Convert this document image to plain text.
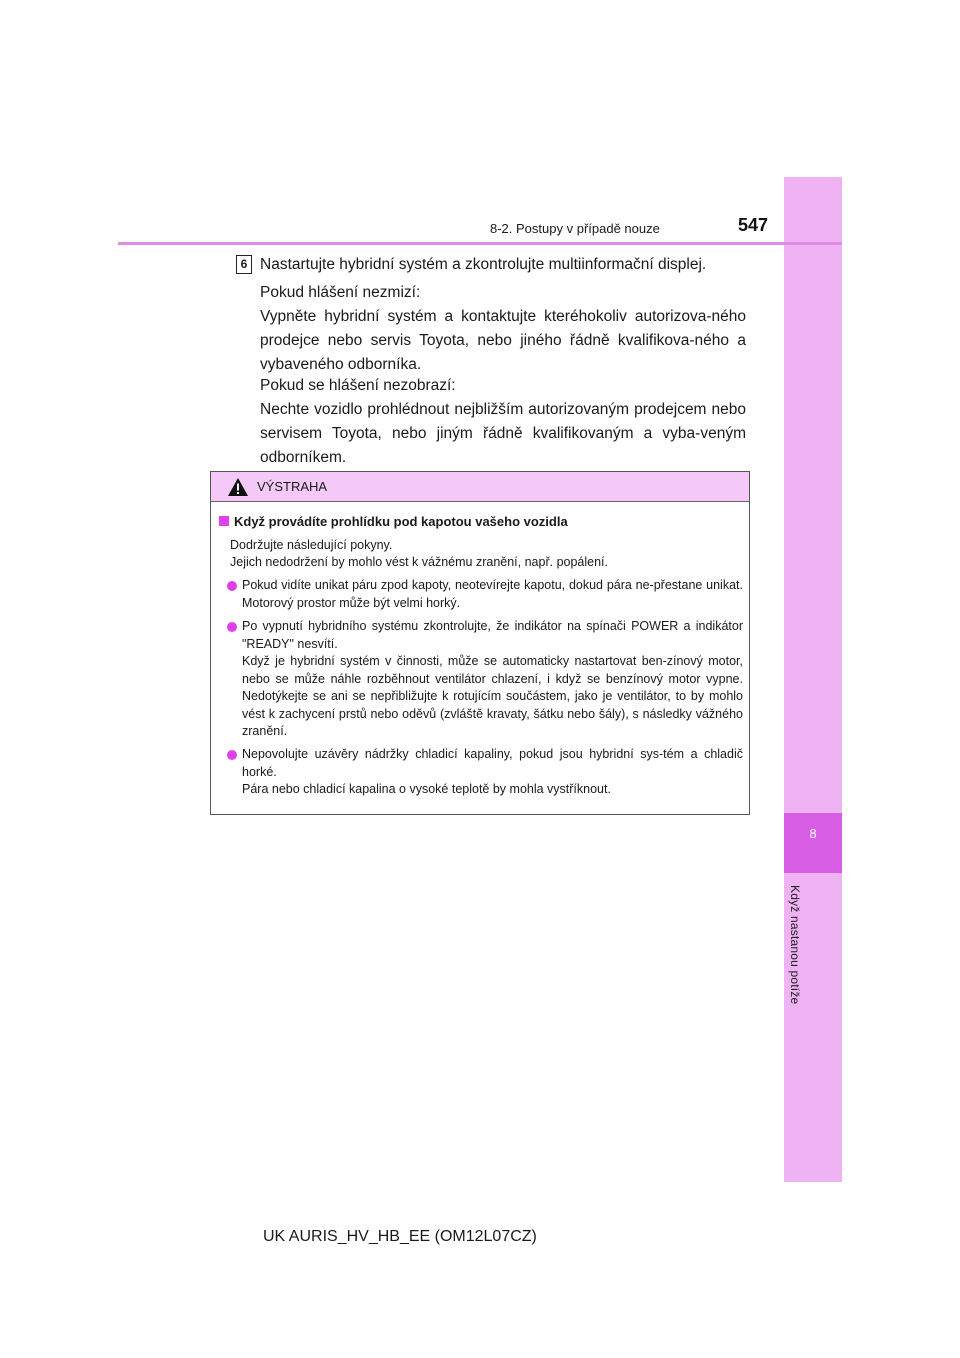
8
Když nastanou potíže
8-2. Postupy v případě nouze	547
6 Nastartujte hybridní systém a zkontrolujte multiinformační displej.
Pokud hlášení nezmizí:
Vypněte hybridní systém a kontaktujte kteréhokoliv autorizova-ného prodejce nebo servis Toyota, nebo jiného řádně kvalifikova-ného a vybaveného odborníka.
Pokud se hlášení nezobrazí:
Nechte vozidlo prohlédnout nejbližším autorizovaným prodejcem nebo servisem Toyota, nebo jiným řádně kvalifikovaným a vyba-veným odborníkem.
VÝSTRAHA
Když provádíte prohlídku pod kapotou vašeho vozidla
Dodržujte následující pokyny.
Jejich nedodržení by mohlo vést k vážnému zranění, např. popálení.
Pokud vidíte unikat páru zpod kapoty, neotevírejte kapotu, dokud pára ne-přestane unikat. Motorový prostor může být velmi horký.
Po vypnutí hybridního systému zkontrolujte, že indikátor na spínači POWER a indikátor "READY" nesvítí.
Když je hybridní systém v činnosti, může se automaticky nastartovat ben-zínový motor, nebo se může náhle rozběhnout ventilátor chlazení, i když se benzínový motor vypne. Nedotýkejte se ani se nepřibližujte k rotujícím součástem, jako je ventilátor, to by mohlo vést k zachycení prstů nebo oděvů (zvláště kravaty, šátku nebo šály), s následky vážného zranění.
Nepovolujte uzávěry nádržky chladicí kapaliny, pokud jsou hybridní sys-tém a chladič horké.
Pára nebo chladicí kapalina o vysoké teplotě by mohla vystříknout.
UK AURIS_HV_HB_EE (OM12L07CZ)
